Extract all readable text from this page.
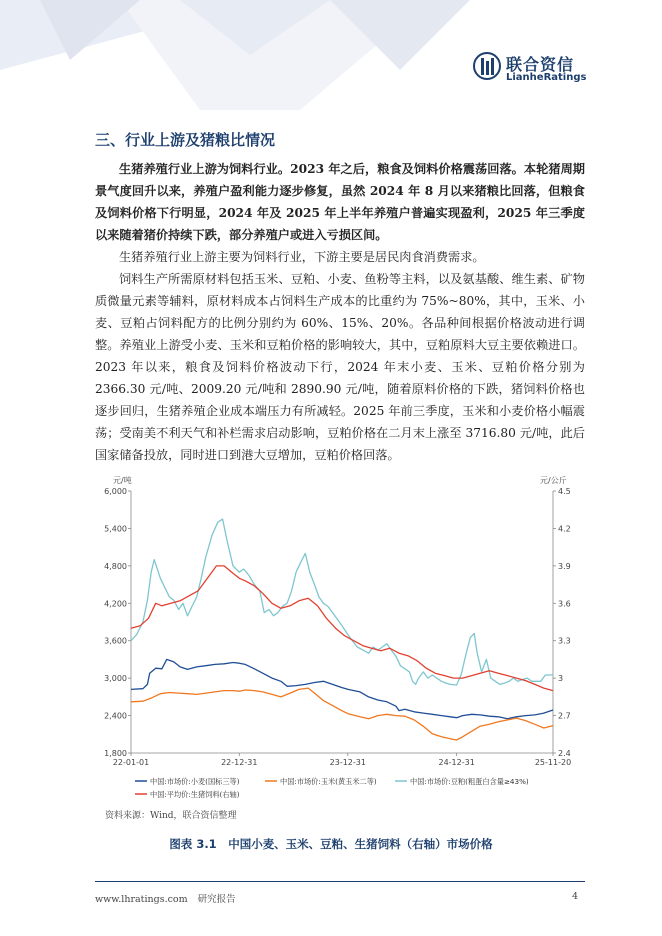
联合资信
LianheRatings
三、行业上游及猪粮比情况

生猪养殖行业上游为饲料行业。2023 年之后，粮食及饲料价格震荡回落。本轮猪周期景气度回升以来，养殖户盈利能力逐步修复，虽然 2024 年 8 月以来猪粮比回落，但粮食及饲料价格下行明显，2024 年及 2025 年上半年养殖户普遍实现盈利，2025 年三季度以来随着猪价持续下跌，部分养殖户或进入亏损区间。

生猪养殖行业上游主要为饲料行业，下游主要是居民肉食消费需求。

饲料生产所需原材料包括玉米、豆粕、小麦、鱼粉等主料，以及氨基酸、维生素、矿物质微量元素等辅料，原材料成本占饲料生产成本的比重约为 75%~80%，其中，玉米、小麦、豆粕占饲料配方的比例分别约为 60%、15%、20%。各品种间根据价格波动进行调整。养殖业上游受小麦、玉米和豆粕价格的影响较大，其中，豆粕原料大豆主要依赖进口。2023 年以来，粮食及饲料价格波动下行，2024 年末小麦、玉米、豆粕价格分别为 2366.30 元/吨、2009.20 元/吨和 2890.90 元/吨，随着原料价格的下跌，猪饲料价格也逐步回归，生猪养殖企业成本端压力有所减轻。2025 年前三季度，玉米和小麦价格小幅震荡；受南美不利天气和补栏需求启动影响，豆粕价格在二月末上涨至 3716.80 元/吨，此后国家储备投放，同时进口到港大豆增加，豆粕价格回落。

元/吨	元/公斤
1,800
2,400
3,000
3,600
4,200
4,800
5,400
6,000
2.4
2.7
3
3.3
3.6
3.9
4.2
4.5
22-01-01	22-12-31	23-12-31	24-12-31	25-11-20
中国:市场价:小麦(国标三等)	中国:市场价:玉米(黄玉米二等)	中国:市场价:豆粕(粗蛋白含量≥43%)
中国:平均价:生猪饲料(右轴)
资料来源：Wind，联合资信整理
图表 3.1　中国小麦、玉米、豆粕、生猪饲料（右轴）市场价格
www.lhratings.com 研究报告	4
